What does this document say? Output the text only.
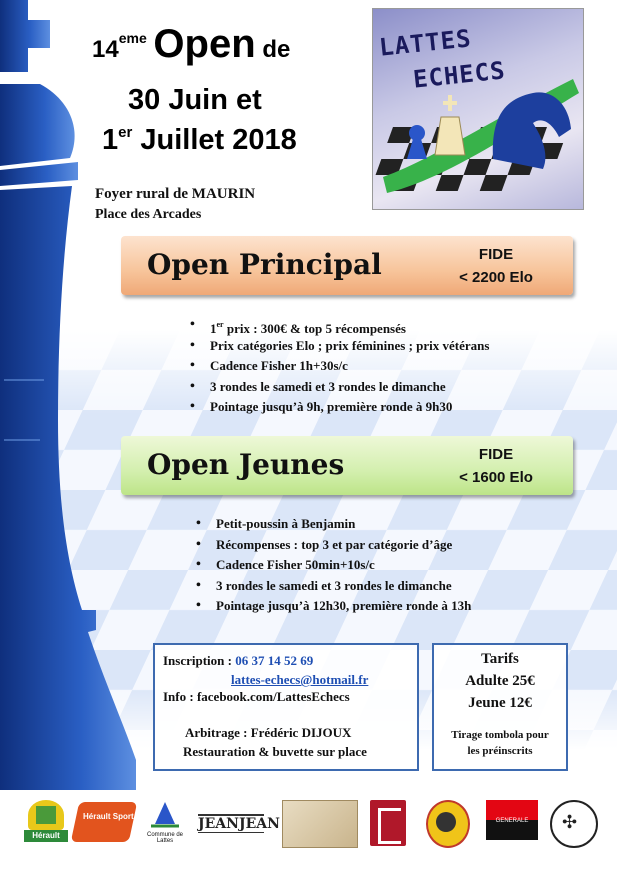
14eme Open de
30 Juin et
1er Juillet 2018
LATTES
ECHECS
Foyer rural de MAURIN
Place des Arcades
Open Principal	FIDE
< 2200 Elo
• 1er prix : 300€ & top 5 récompensés
• Prix catégories Elo ; prix féminines ; prix vétérans
• Cadence Fisher 1h+30s/c
• 3 rondes le samedi et 3 rondes le dimanche
• Pointage jusqu’à 9h, première ronde à 9h30
Open Jeunes	FIDE
< 1600 Elo
• Petit-poussin à Benjamin
• Récompenses : top 3 et par catégorie d’âge
• Cadence Fisher 50min+10s/c
• 3 rondes le samedi et 3 rondes le dimanche
• Pointage jusqu’à 12h30, première ronde à 13h
Inscription : 06 37 14 52 69
lattes-echecs@hotmail.fr
Info : facebook.com/LattesEchecs
Arbitrage : Frédéric DIJOUX
Restauration & buvette sur place
Tarifs
Adulte 25€
Jeune 12€
Tirage tombola pour
les préinscrits
Hérault
Hérault Sport
Commune de Lattes
JEANJEAN	GENERALE	✣
